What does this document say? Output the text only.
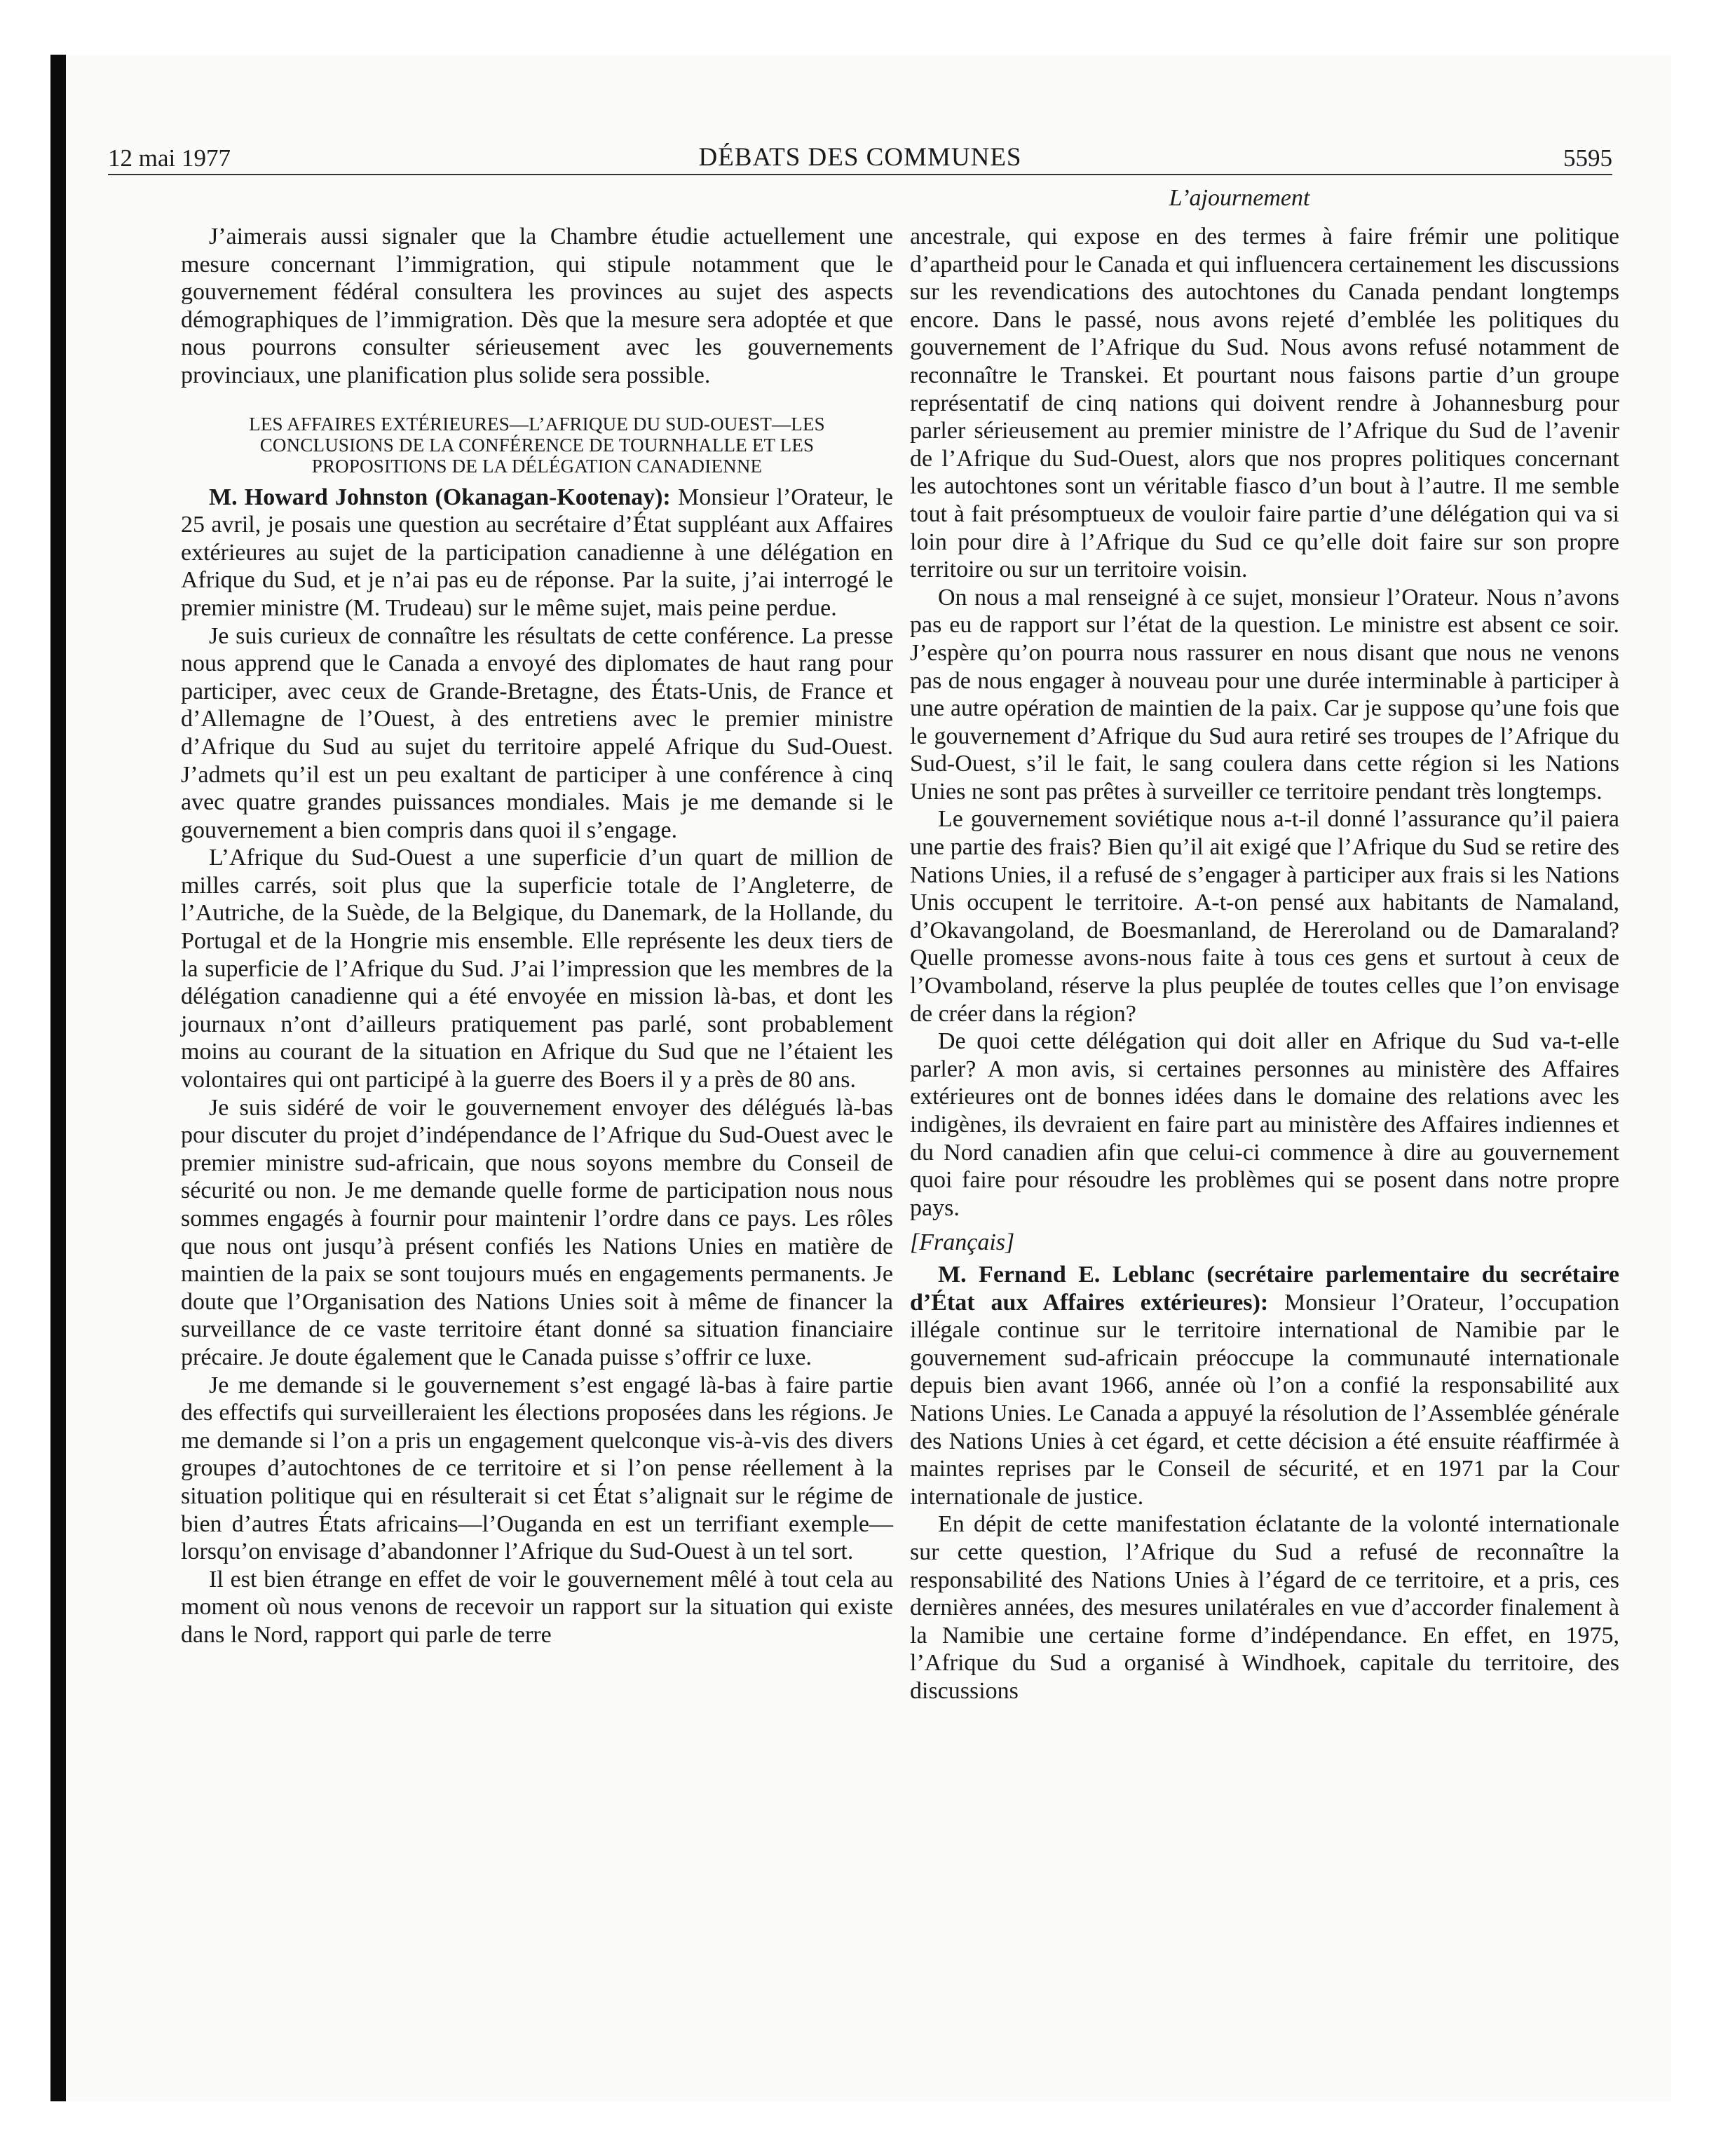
12 mai 1977	DÉBATS DES COMMUNES	5595
L’ajournement

J’aimerais aussi signaler que la Chambre étudie actuellement une mesure concernant l’immigration, qui stipule notamment que le gouvernement fédéral consultera les provinces au sujet des aspects démographiques de l’immigration. Dès que la mesure sera adoptée et que nous pourrons consulter sérieusement avec les gouvernements provinciaux, une planification plus solide sera possible.

LES AFFAIRES EXTÉRIEURES—L’AFRIQUE DU SUD-OUEST—LES CONCLUSIONS DE LA CONFÉRENCE DE TOURNHALLE ET LES PROPOSITIONS DE LA DÉLÉGATION CANADIENNE

M. Howard Johnston (Okanagan-Kootenay): Monsieur l’Orateur, le 25 avril, je posais une question au secrétaire d’État suppléant aux Affaires extérieures au sujet de la participation canadienne à une délégation en Afrique du Sud, et je n’ai pas eu de réponse. Par la suite, j’ai interrogé le premier ministre (M. Trudeau) sur le même sujet, mais peine perdue.

Je suis curieux de connaître les résultats de cette conférence. La presse nous apprend que le Canada a envoyé des diplomates de haut rang pour participer, avec ceux de Grande-Bretagne, des États-Unis, de France et d’Allemagne de l’Ouest, à des entretiens avec le premier ministre d’Afrique du Sud au sujet du territoire appelé Afrique du Sud-Ouest. J’admets qu’il est un peu exaltant de participer à une conférence à cinq avec quatre grandes puissances mondiales. Mais je me demande si le gouvernement a bien compris dans quoi il s’engage.

L’Afrique du Sud-Ouest a une superficie d’un quart de million de milles carrés, soit plus que la superficie totale de l’Angleterre, de l’Autriche, de la Suède, de la Belgique, du Danemark, de la Hollande, du Portugal et de la Hongrie mis ensemble. Elle représente les deux tiers de la superficie de l’Afrique du Sud. J’ai l’impression que les membres de la délégation canadienne qui a été envoyée en mission là-bas, et dont les journaux n’ont d’ailleurs pratiquement pas parlé, sont probablement moins au courant de la situation en Afrique du Sud que ne l’étaient les volontaires qui ont participé à la guerre des Boers il y a près de 80 ans.

Je suis sidéré de voir le gouvernement envoyer des délégués là-bas pour discuter du projet d’indépendance de l’Afrique du Sud-Ouest avec le premier ministre sud-africain, que nous soyons membre du Conseil de sécurité ou non. Je me demande quelle forme de participation nous nous sommes engagés à fournir pour maintenir l’ordre dans ce pays. Les rôles que nous ont jusqu’à présent confiés les Nations Unies en matière de maintien de la paix se sont toujours mués en engagements permanents. Je doute que l’Organisation des Nations Unies soit à même de financer la surveillance de ce vaste territoire étant donné sa situation financiaire précaire. Je doute également que le Canada puisse s’offrir ce luxe.

Je me demande si le gouvernement s’est engagé là-bas à faire partie des effectifs qui surveilleraient les élections proposées dans les régions. Je me demande si l’on a pris un engagement quelconque vis-à-vis des divers groupes d’autochtones de ce territoire et si l’on pense réellement à la situation politique qui en résulterait si cet État s’alignait sur le régime de bien d’autres États africains—l’Ouganda en est un terrifiant exemple—lorsqu’on envisage d’abandonner l’Afrique du Sud-Ouest à un tel sort.

Il est bien étrange en effet de voir le gouvernement mêlé à tout cela au moment où nous venons de recevoir un rapport sur la situation qui existe dans le Nord, rapport qui parle de terre

ancestrale, qui expose en des termes à faire frémir une politique d’apartheid pour le Canada et qui influencera certainement les discussions sur les revendications des autochtones du Canada pendant longtemps encore. Dans le passé, nous avons rejeté d’emblée les politiques du gouvernement de l’Afrique du Sud. Nous avons refusé notamment de reconnaître le Transkei. Et pourtant nous faisons partie d’un groupe représentatif de cinq nations qui doivent rendre à Johannesburg pour parler sérieusement au premier ministre de l’Afrique du Sud de l’avenir de l’Afrique du Sud-Ouest, alors que nos propres politiques concernant les autochtones sont un véritable fiasco d’un bout à l’autre. Il me semble tout à fait présomptueux de vouloir faire partie d’une délégation qui va si loin pour dire à l’Afrique du Sud ce qu’elle doit faire sur son propre territoire ou sur un territoire voisin.

On nous a mal renseigné à ce sujet, monsieur l’Orateur. Nous n’avons pas eu de rapport sur l’état de la question. Le ministre est absent ce soir. J’espère qu’on pourra nous rassurer en nous disant que nous ne venons pas de nous engager à nouveau pour une durée interminable à participer à une autre opération de maintien de la paix. Car je suppose qu’une fois que le gouvernement d’Afrique du Sud aura retiré ses troupes de l’Afrique du Sud-Ouest, s’il le fait, le sang coulera dans cette région si les Nations Unies ne sont pas prêtes à surveiller ce territoire pendant très longtemps.

Le gouvernement soviétique nous a-t-il donné l’assurance qu’il paiera une partie des frais? Bien qu’il ait exigé que l’Afrique du Sud se retire des Nations Unies, il a refusé de s’engager à participer aux frais si les Nations Unis occupent le territoire. A-t-on pensé aux habitants de Namaland, d’Okavangoland, de Boesmanland, de Hereroland ou de Damaraland? Quelle promesse avons-nous faite à tous ces gens et surtout à ceux de l’Ovamboland, réserve la plus peuplée de toutes celles que l’on envisage de créer dans la région?

De quoi cette délégation qui doit aller en Afrique du Sud va-t-elle parler? A mon avis, si certaines personnes au ministère des Affaires extérieures ont de bonnes idées dans le domaine des relations avec les indigènes, ils devraient en faire part au ministère des Affaires indiennes et du Nord canadien afin que celui-ci commence à dire au gouvernement quoi faire pour résoudre les problèmes qui se posent dans notre propre pays.

[Français]

M. Fernand E. Leblanc (secrétaire parlementaire du secrétaire d’État aux Affaires extérieures): Monsieur l’Orateur, l’occupation illégale continue sur le territoire international de Namibie par le gouvernement sud-africain préoccupe la communauté internationale depuis bien avant 1966, année où l’on a confié la responsabilité aux Nations Unies. Le Canada a appuyé la résolution de l’Assemblée générale des Nations Unies à cet égard, et cette décision a été ensuite réaffirmée à maintes reprises par le Conseil de sécurité, et en 1971 par la Cour internationale de justice.

En dépit de cette manifestation éclatante de la volonté internationale sur cette question, l’Afrique du Sud a refusé de reconnaître la responsabilité des Nations Unies à l’égard de ce territoire, et a pris, ces dernières années, des mesures unilatérales en vue d’accorder finalement à la Namibie une certaine forme d’indépendance. En effet, en 1975, l’Afrique du Sud a organisé à Windhoek, capitale du territoire, des discussions
